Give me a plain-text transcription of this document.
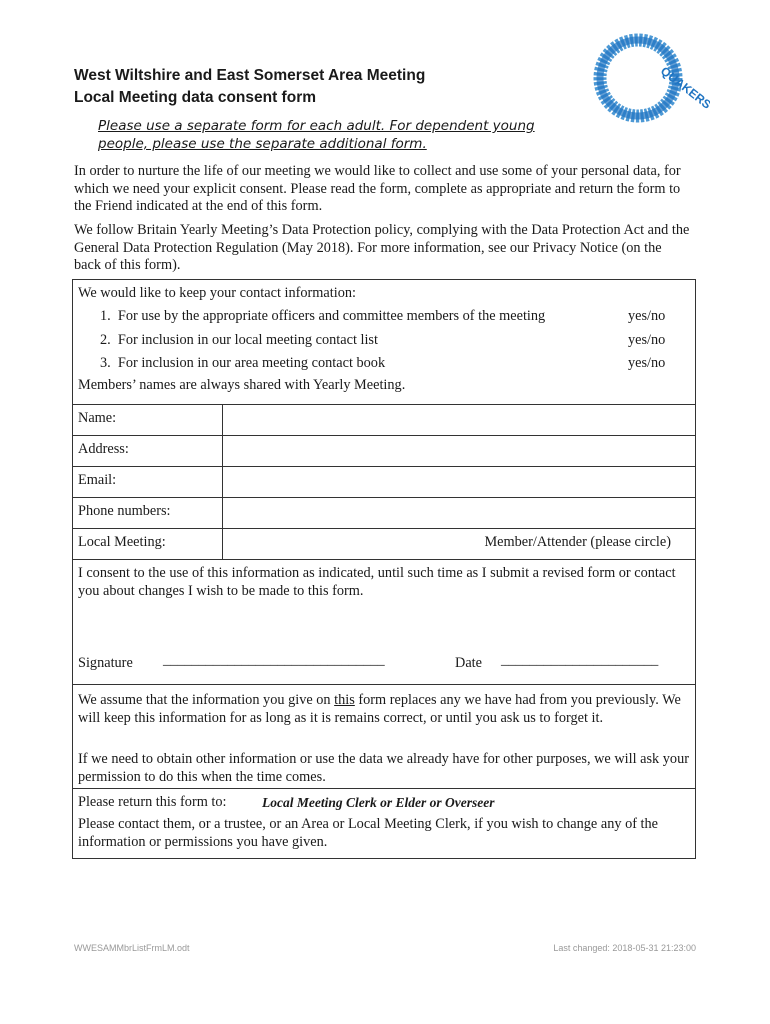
West Wiltshire and East Somerset Area Meeting
Local Meeting data consent form	QUAKERS
Please use a separate form for each adult. For dependent young people, please use the separate additional form.
In order to nurture the life of our meeting we would like to collect and use some of your personal data, for which we need your explicit consent. Please read the form, complete as appropriate and return the form to the Friend indicated at the end of this form.
We follow Britain Yearly Meeting’s Data Protection policy, complying with the Data Protection Act and the General Data Protection Regulation (May 2018). For more information, see our Privacy Notice (on the back of this form).
We would like to keep your contact information:
1. For use by the appropriate officers and committee members of the meeting	yes/no
2. For inclusion in our local meeting contact list	yes/no
3. For inclusion in our area meeting contact book	yes/no
Members’ names are always shared with Yearly Meeting.
Name:
Address:
Email:
Phone numbers:
Local Meeting:	Member/Attender (please circle)
I consent to the use of this information as indicated, until such time as I submit a revised form or contact you about changes I wish to be made to this form.
Signature _______________________________	Date ______________________
We assume that the information you give on this form replaces any we have had from you previously. We will keep this information for as long as it is remains correct, or until you ask us to forget it.
If we need to obtain other information or use the data we already have for other purposes, we will ask your permission to do this when the time comes.
Please return this form to:	Local Meeting Clerk or Elder or Overseer
Please contact them, or a trustee, or an Area or Local Meeting Clerk, if you wish to change any of the information or permissions you have given.
WWESAMMbrListFrmLM.odt	Last changed: 2018-05-31 21:23:00
